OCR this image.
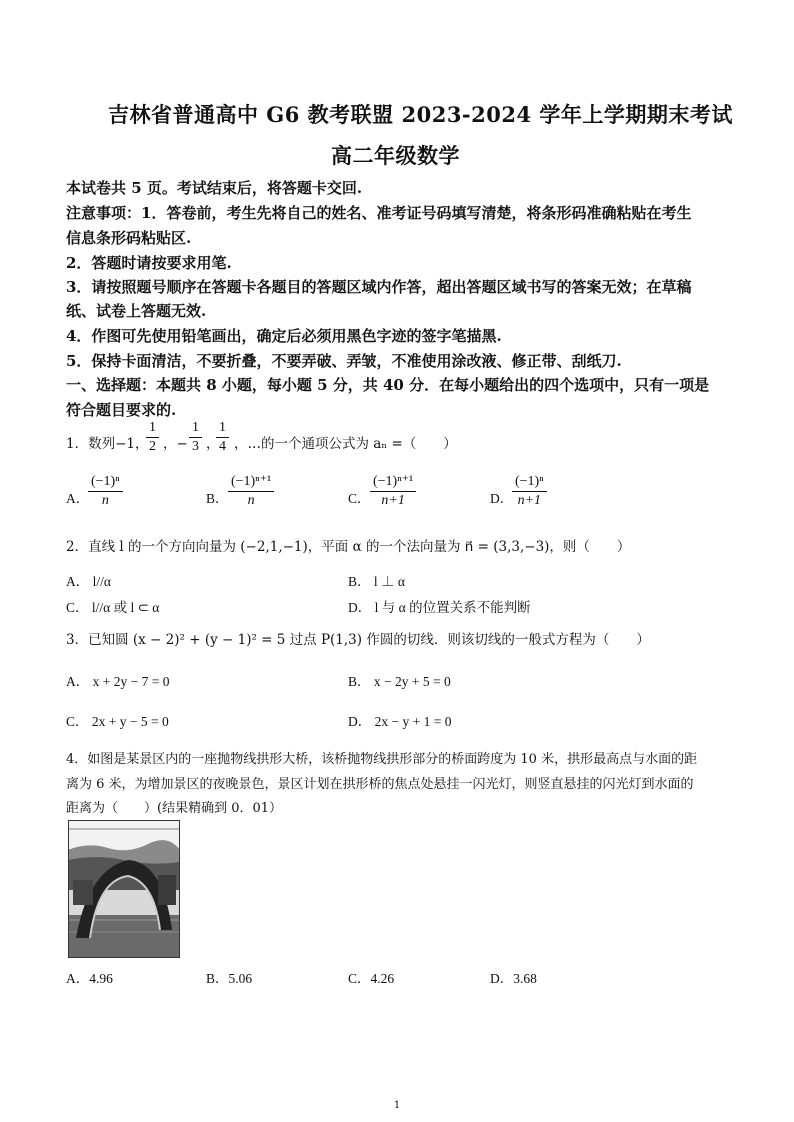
吉林省普通高中 G6 教考联盟 2023-2024 学年上学期期末考试
高二年级数学
本试卷共 5 页。考试结束后，将答题卡交回.
注意事项：1．答卷前，考生先将自己的姓名、准考证号码填写清楚，将条形码准确粘贴在考生
信息条形码粘贴区.
2．答题时请按要求用笔.
3．请按照题号顺序在答题卡各题目的答题区域内作答，超出答题区域书写的答案无效；在草稿
纸、试卷上答题无效.
4．作图可先使用铅笔画出，确定后必须用黑色字迹的签字笔描黑.
5．保持卡面清洁，不要折叠，不要弄破、弄皱，不准使用涂改液、修正带、刮纸刀.
一、选择题：本题共 8 小题，每小题 5 分，共 40 分．在每小题给出的四个选项中，只有一项是
符合题目要求的.
1．数列−1，
$\frac{1}{2}$ ，− $\frac{1}{3}$ ，
$\frac{1}{4}$ ，…的一个通项公式为 aₙ =（　　）
A．
$\frac{\text{(−1)ⁿ}}{n}$	B． $\frac{\text{(−1)ⁿ⁺¹}}{n}$	C． $\frac{\text{(−1)ⁿ⁺¹}}{n+1}$	D．
$\frac{\text{(−1)ⁿ}}{n+1}$
2．直线 l 的一个方向向量为 (−2,1,−1)，平面 α 的一个法向量为 n⃗ = (3,3,−3)，则（　　）
A． l//α	B． l ⊥ α
C． l//α 或 l ⊂ α	D． l 与 α 的位置关系不能判断
3．已知圆 (x − 2)² + (y − 1)² = 5 过点 P(1,3) 作圆的切线．则该切线的一般式方程为（　　）
A． x + 2y − 7 = 0	B． x − 2y + 5 = 0
C． 2x + y − 5 = 0	D． 2x − y + 1 = 0
4．如图是某景区内的一座抛物线拱形大桥，该桥抛物线拱形部分的桥面跨度为 10 米，拱形最高点与水面的距
离为 6 米，为增加景区的夜晚景色，景区计划在拱形桥的焦点处悬挂一闪光灯，则竖直悬挂的闪光灯到水面的
距离为（　　）(结果精确到 0．01）
A．4.96	B．5.06	C．4.26	D．3.68
1
